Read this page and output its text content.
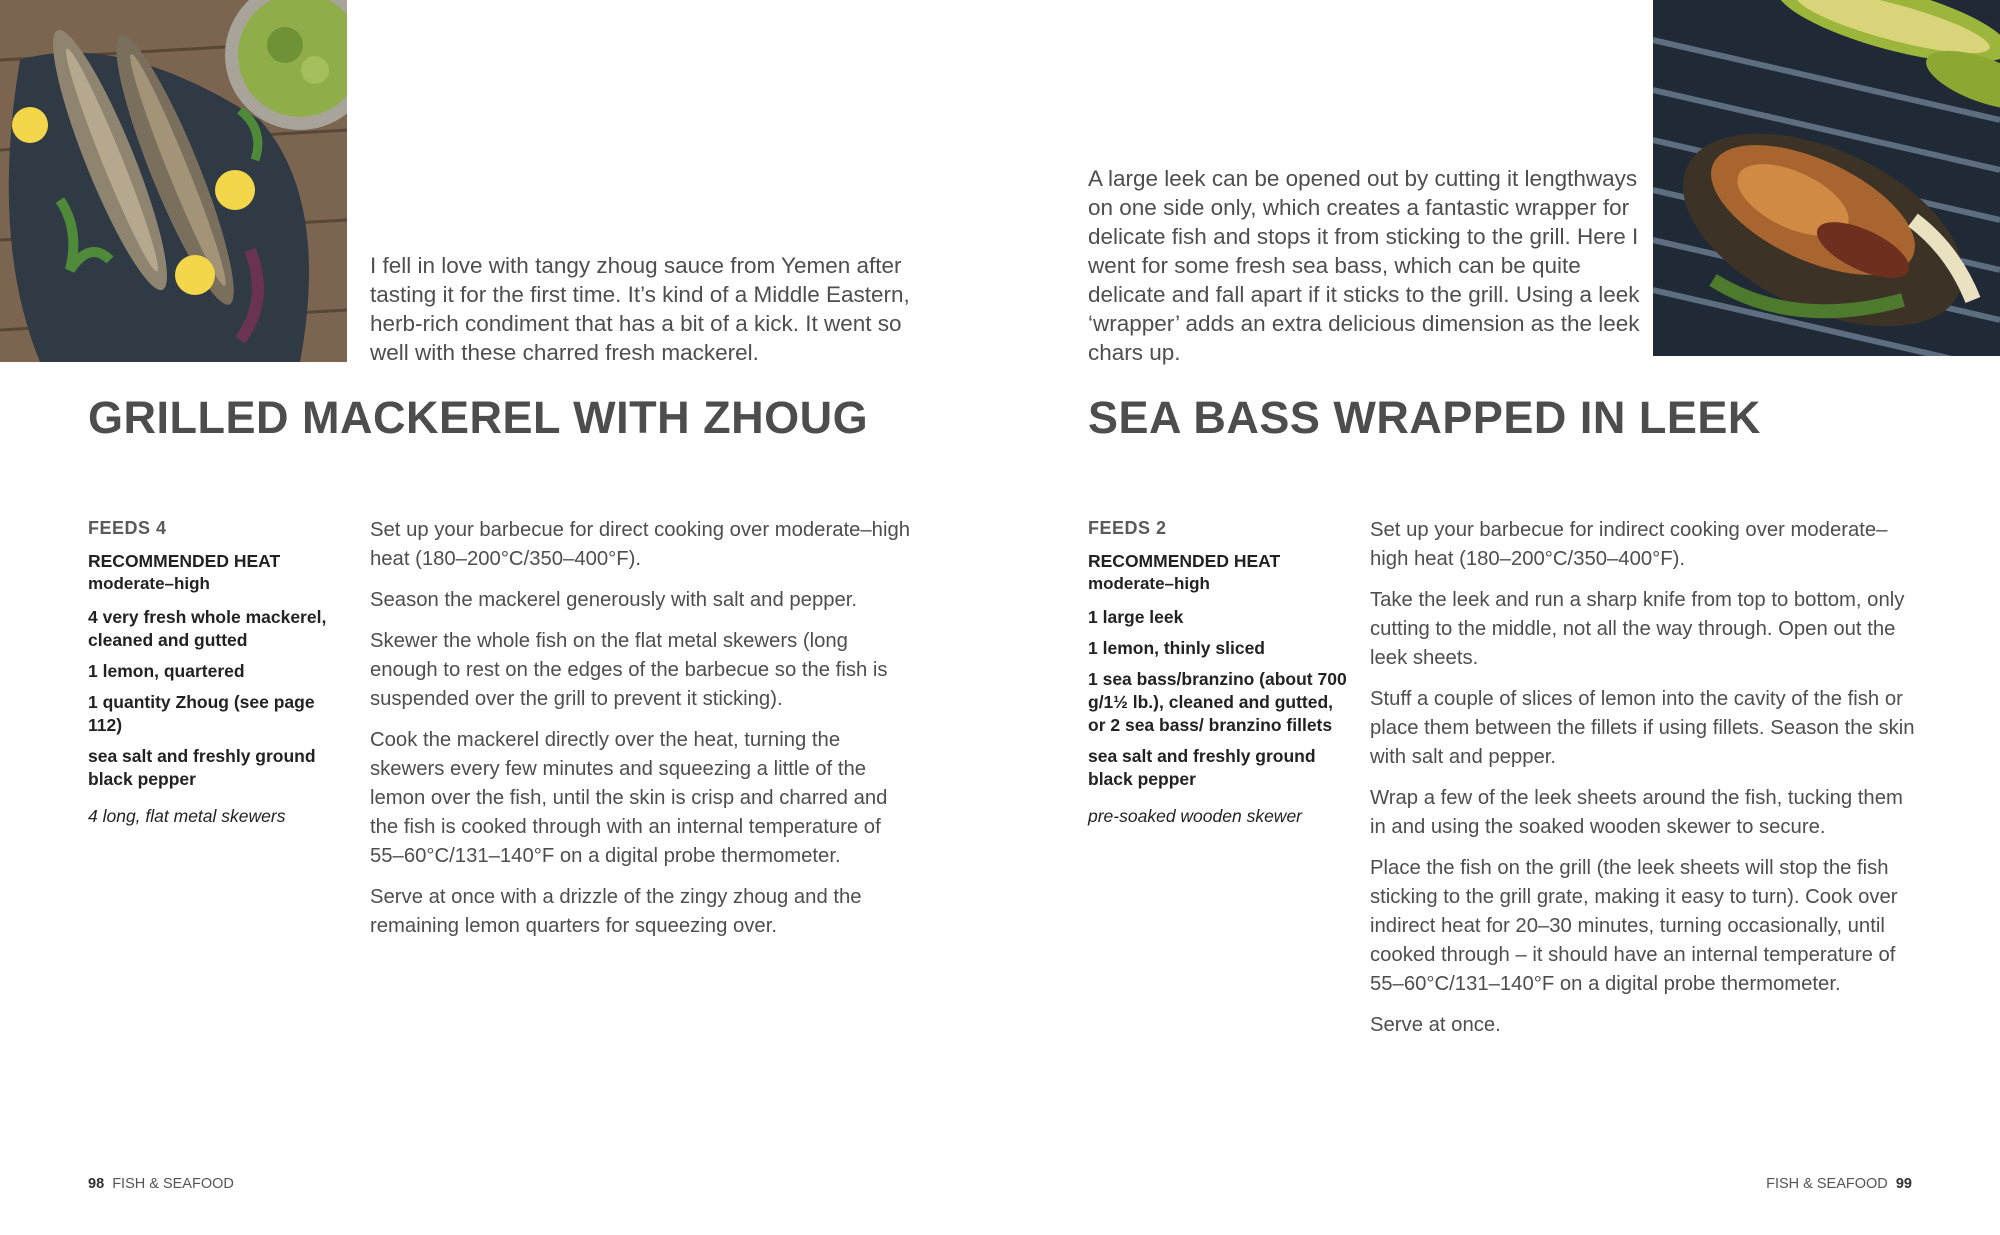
I fell in love with tangy zhoug sauce from Yemen after tasting it for the first time. It’s kind of a Middle Eastern, herb-rich condiment that has a bit of a kick. It went so well with these charred fresh mackerel.

GRILLED MACKEREL WITH ZHOUG

FEEDS 4

RECOMMENDED HEAT

moderate–high

4 very fresh whole mackerel, cleaned and gutted

1 lemon, quartered

1 quantity Zhoug (see page 112)

sea salt and freshly ground black pepper

4 long, flat metal skewers

Set up your barbecue for direct cooking over moderate–high heat (180–200°C/350–400°F).

Season the mackerel generously with salt and pepper.

Skewer the whole fish on the flat metal skewers (long enough to rest on the edges of the barbecue so the fish is suspended over the grill to prevent it sticking).

Cook the mackerel directly over the heat, turning the skewers every few minutes and squeezing a little of the lemon over the fish, until the skin is crisp and charred and the fish is cooked through with an internal temperature of 55–60°C/131–140°F on a digital probe thermometer.

Serve at once with a drizzle of the zingy zhoug and the remaining lemon quarters for squeezing over.

98 FISH & SEAFOOD

A large leek can be opened out by cutting it lengthways on one side only, which creates a fantastic wrapper for delicate fish and stops it from sticking to the grill. Here I went for some fresh sea bass, which can be quite delicate and fall apart if it sticks to the grill. Using a leek ‘wrapper’ adds an extra delicious dimension as the leek chars up.

SEA BASS WRAPPED IN LEEK

FEEDS 2

RECOMMENDED HEAT

moderate–high

1 large leek

1 lemon, thinly sliced

1 sea bass/branzino (about 700 g/1½ lb.), cleaned and gutted, or 2 sea bass/ branzino fillets

sea salt and freshly ground black pepper

pre-soaked wooden skewer

Set up your barbecue for indirect cooking over moderate–high heat (180–200°C/350–400°F).

Take the leek and run a sharp knife from top to bottom, only cutting to the middle, not all the way through. Open out the leek sheets.

Stuff a couple of slices of lemon into the cavity of the fish or place them between the fillets if using fillets. Season the skin with salt and pepper.

Wrap a few of the leek sheets around the fish, tucking them in and using the soaked wooden skewer to secure.

Place the fish on the grill (the leek sheets will stop the fish sticking to the grill grate, making it easy to turn). Cook over indirect heat for 20–30 minutes, turning occasionally, until cooked through – it should have an internal temperature of 55–60°C/131–140°F on a digital probe thermometer.

Serve at once.

FISH & SEAFOOD 99
